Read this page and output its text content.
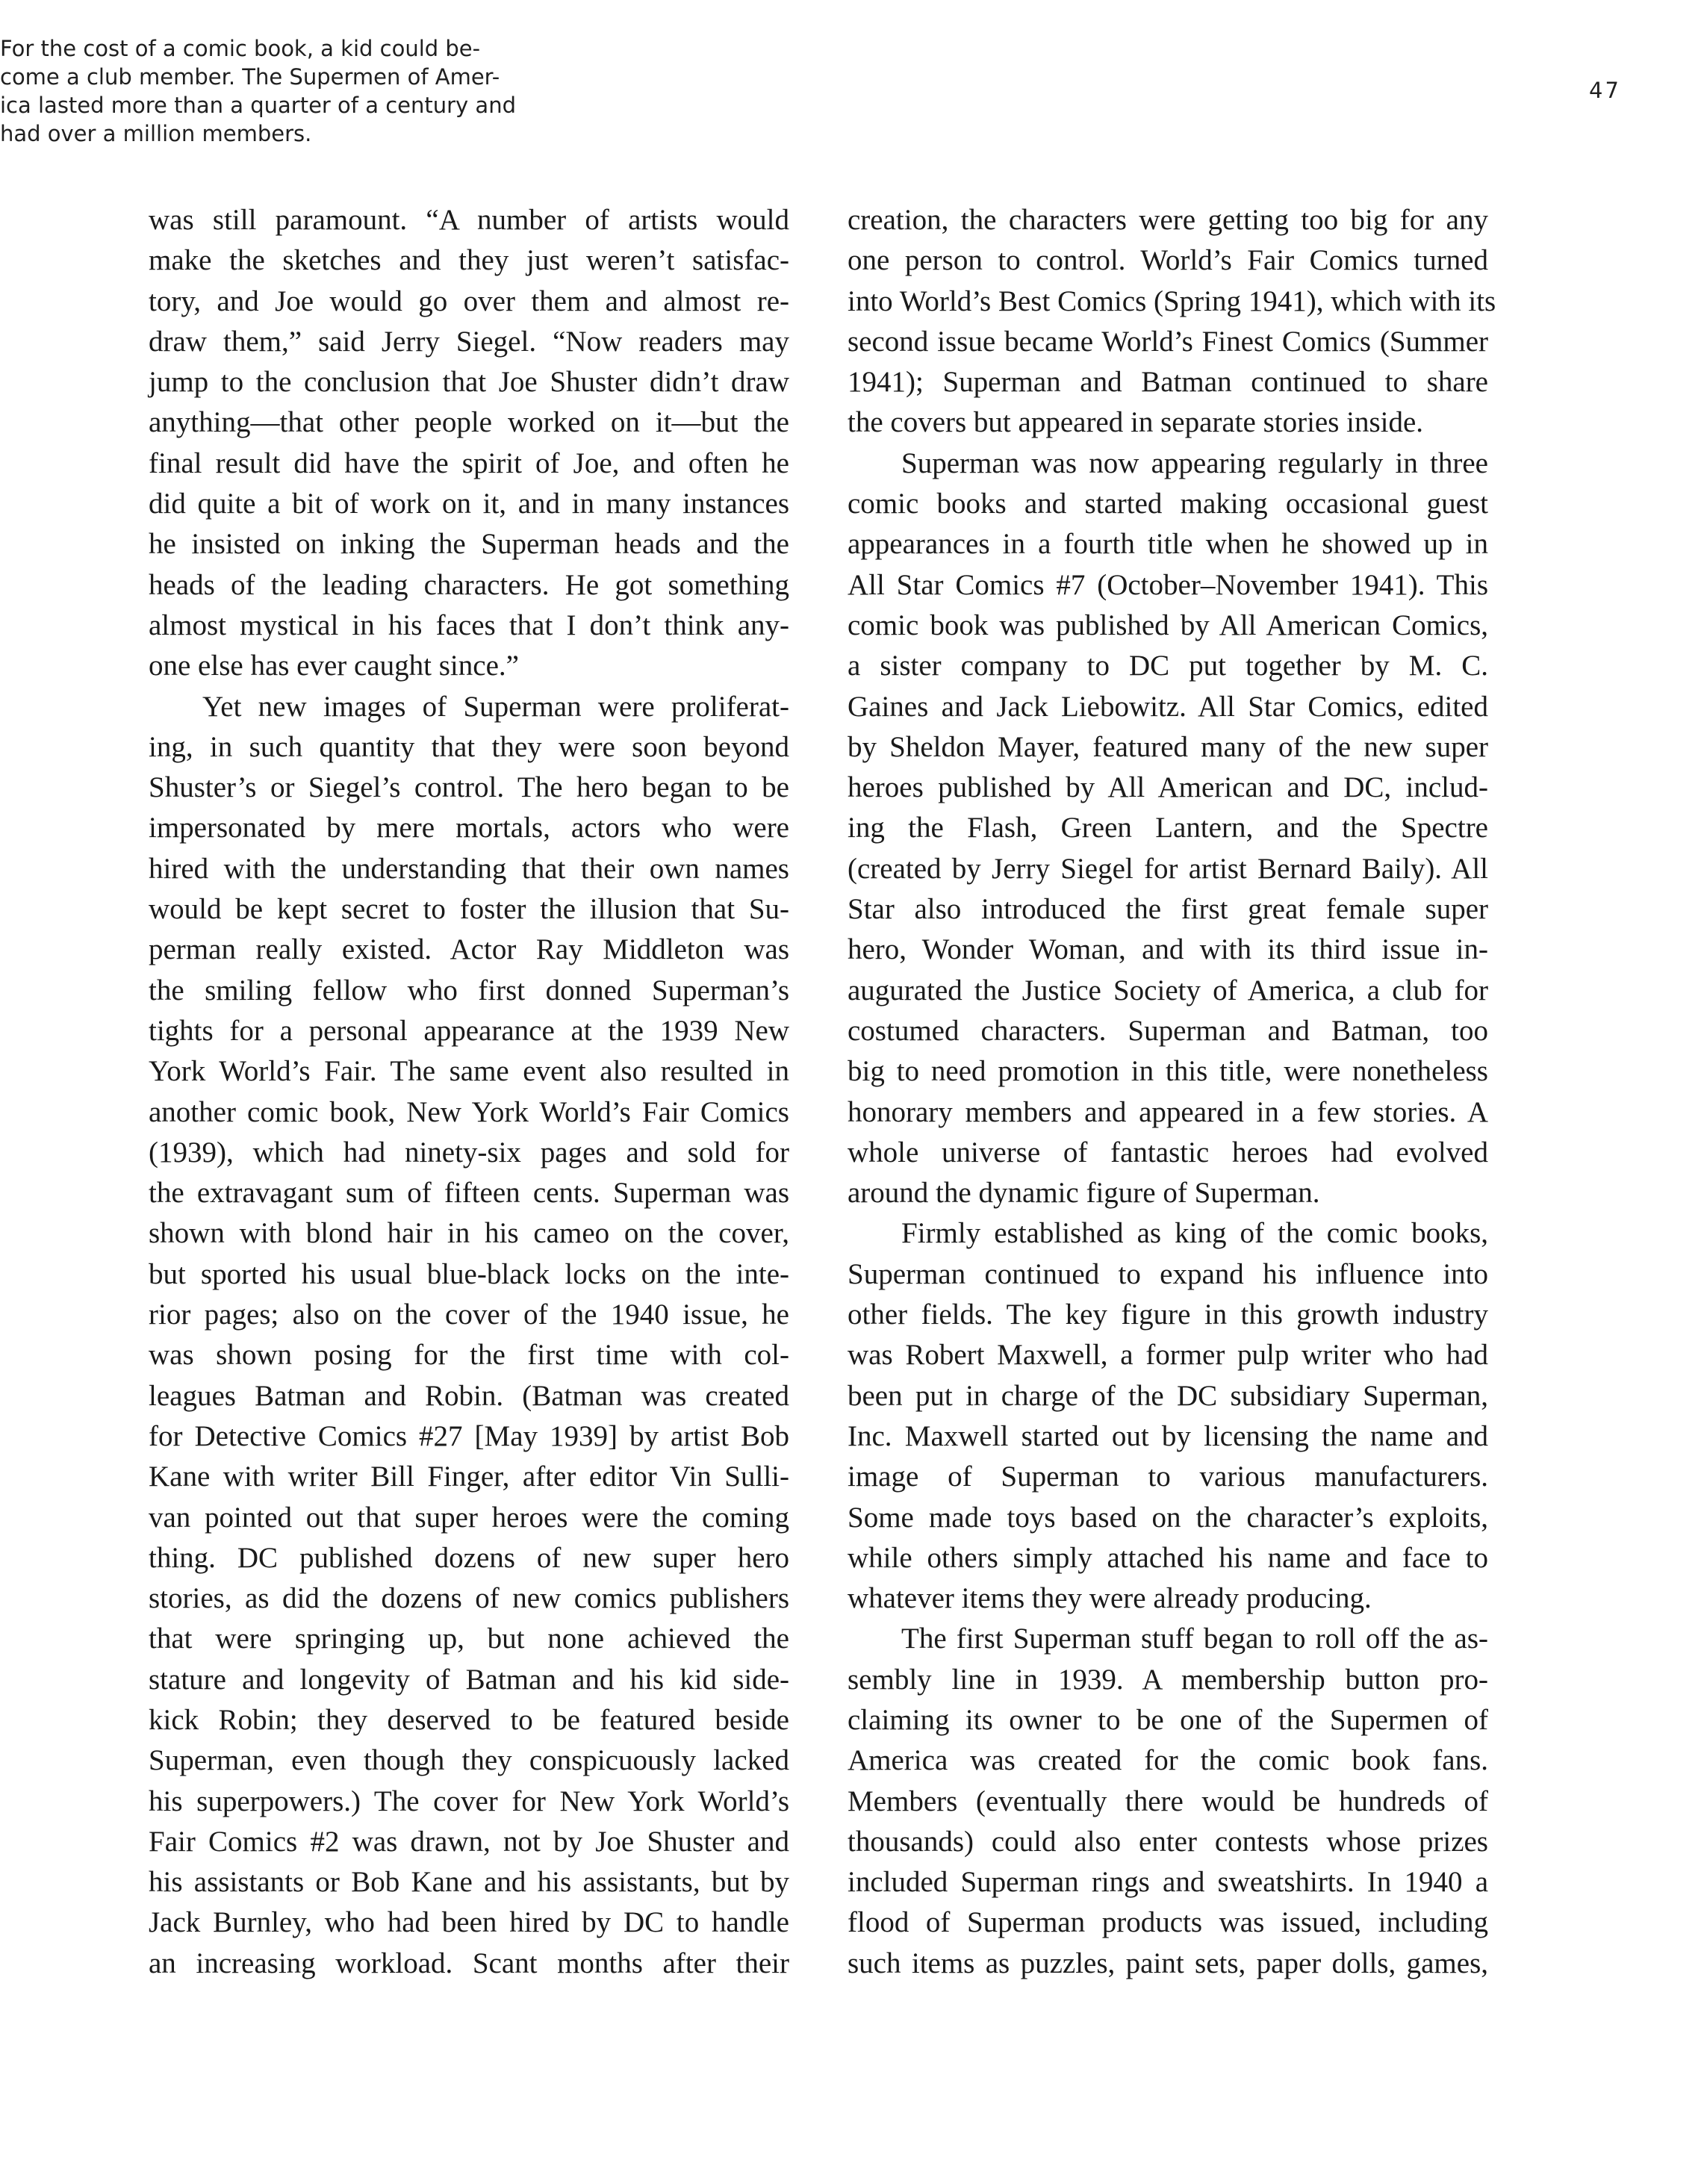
For the cost of a comic book, a kid could be-
come a club member. The Supermen of Amer-
ica lasted more than a quarter of a century and
had over a million members.
47
was still paramount. “A number of artists would
make the sketches and they just weren’t satisfac-
tory, and Joe would go over them and almost re-
draw them,” said Jerry Siegel. “Now readers may
jump to the conclusion that Joe Shuster didn’t draw
anything—that other people worked on it—but the
final result did have the spirit of Joe, and often he
did quite a bit of work on it, and in many instances
he insisted on inking the Superman heads and the
heads of the leading characters. He got something
almost mystical in his faces that I don’t think any-
one else has ever caught since.”
Yet new images of Superman were proliferat-
ing, in such quantity that they were soon beyond
Shuster’s or Siegel’s control. The hero began to be
impersonated by mere mortals, actors who were
hired with the understanding that their own names
would be kept secret to foster the illusion that Su-
perman really existed. Actor Ray Middleton was
the smiling fellow who first donned Superman’s
tights for a personal appearance at the 1939 New
York World’s Fair. The same event also resulted in
another comic book, New York World’s Fair Comics
(1939), which had ninety-six pages and sold for
the extravagant sum of fifteen cents. Superman was
shown with blond hair in his cameo on the cover,
but sported his usual blue-black locks on the inte-
rior pages; also on the cover of the 1940 issue, he
was shown posing for the first time with col-
leagues Batman and Robin. (Batman was created
for Detective Comics #27 [May 1939] by artist Bob
Kane with writer Bill Finger, after editor Vin Sulli-
van pointed out that super heroes were the coming
thing. DC published dozens of new super hero
stories, as did the dozens of new comics publishers
that were springing up, but none achieved the
stature and longevity of Batman and his kid side-
kick Robin; they deserved to be featured beside
Superman, even though they conspicuously lacked
his superpowers.) The cover for New York World’s
Fair Comics #2 was drawn, not by Joe Shuster and
his assistants or Bob Kane and his assistants, but by
Jack Burnley, who had been hired by DC to handle
an increasing workload. Scant months after their
creation, the characters were getting too big for any
one person to control. World’s Fair Comics turned
into World’s Best Comics (Spring 1941), which with its
second issue became World’s Finest Comics (Summer
1941); Superman and Batman continued to share
the covers but appeared in separate stories inside.
Superman was now appearing regularly in three
comic books and started making occasional guest
appearances in a fourth title when he showed up in
All Star Comics #7 (October–November 1941). This
comic book was published by All American Comics,
a sister company to DC put together by M. C.
Gaines and Jack Liebowitz. All Star Comics, edited
by Sheldon Mayer, featured many of the new super
heroes published by All American and DC, includ-
ing the Flash, Green Lantern, and the Spectre
(created by Jerry Siegel for artist Bernard Baily). All
Star also introduced the first great female super
hero, Wonder Woman, and with its third issue in-
augurated the Justice Society of America, a club for
costumed characters. Superman and Batman, too
big to need promotion in this title, were nonetheless
honorary members and appeared in a few stories. A
whole universe of fantastic heroes had evolved
around the dynamic figure of Superman.
Firmly established as king of the comic books,
Superman continued to expand his influence into
other fields. The key figure in this growth industry
was Robert Maxwell, a former pulp writer who had
been put in charge of the DC subsidiary Superman,
Inc. Maxwell started out by licensing the name and
image of Superman to various manufacturers.
Some made toys based on the character’s exploits,
while others simply attached his name and face to
whatever items they were already producing.
The first Superman stuff began to roll off the as-
sembly line in 1939. A membership button pro-
claiming its owner to be one of the Supermen of
America was created for the comic book fans.
Members (eventually there would be hundreds of
thousands) could also enter contests whose prizes
included Superman rings and sweatshirts. In 1940 a
flood of Superman products was issued, including
such items as puzzles, paint sets, paper dolls, games,
